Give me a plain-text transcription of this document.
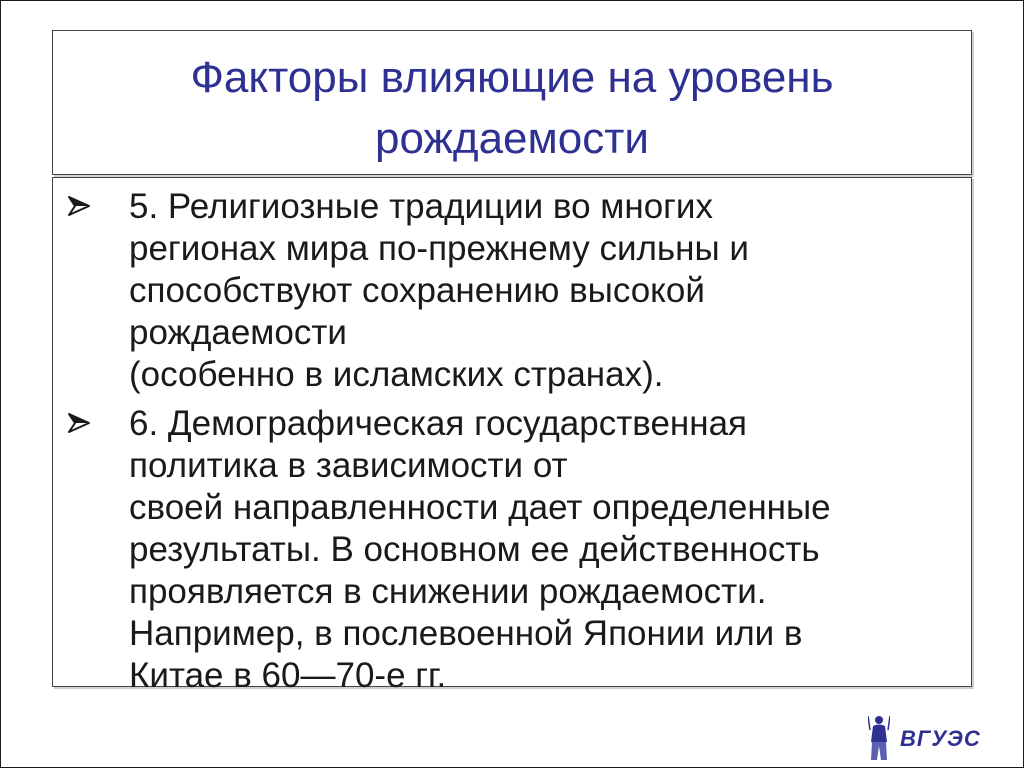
Факторы влияющие на уровень
рождаемости
5. Религиозные традиции во многих
регионах мира по-прежнему сильны и
способствуют сохранению высокой
рождаемости
(особенно в исламских странах).
6. Демографическая государственная
политика в зависимости от
своей направленности дает определенные
результаты. В основном ее действенность
проявляется в снижении рождаемости.
Например, в послевоенной Японии или в
Китае в 60—70-е гг.
ВГУЭС
